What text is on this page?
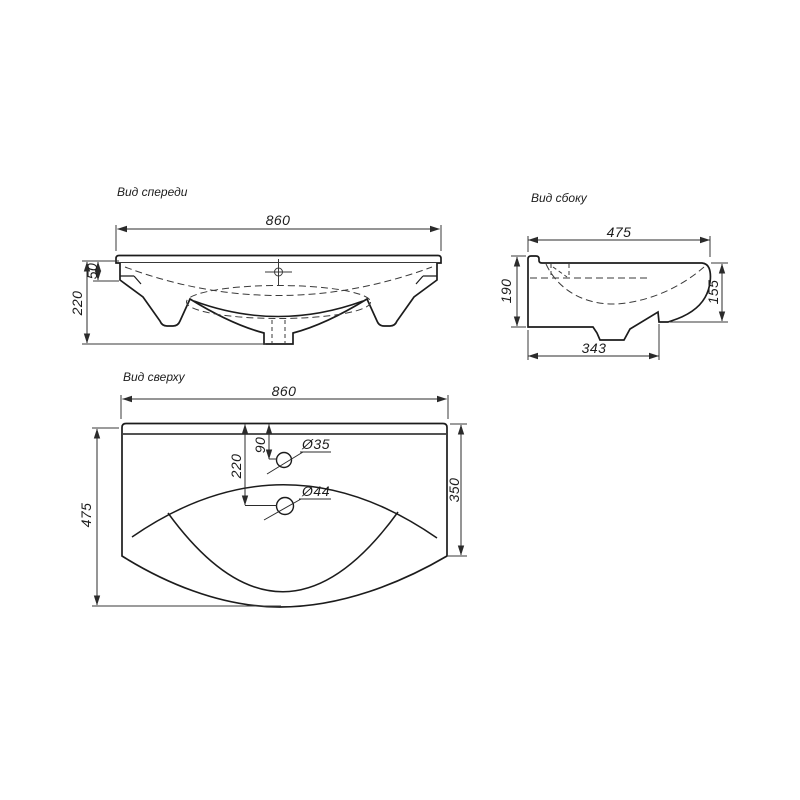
Вид спереди
860
50
220
Вид сбоку
475
190	155
343
Вид сверху
860
475
90
220
Ø35
Ø44	350
